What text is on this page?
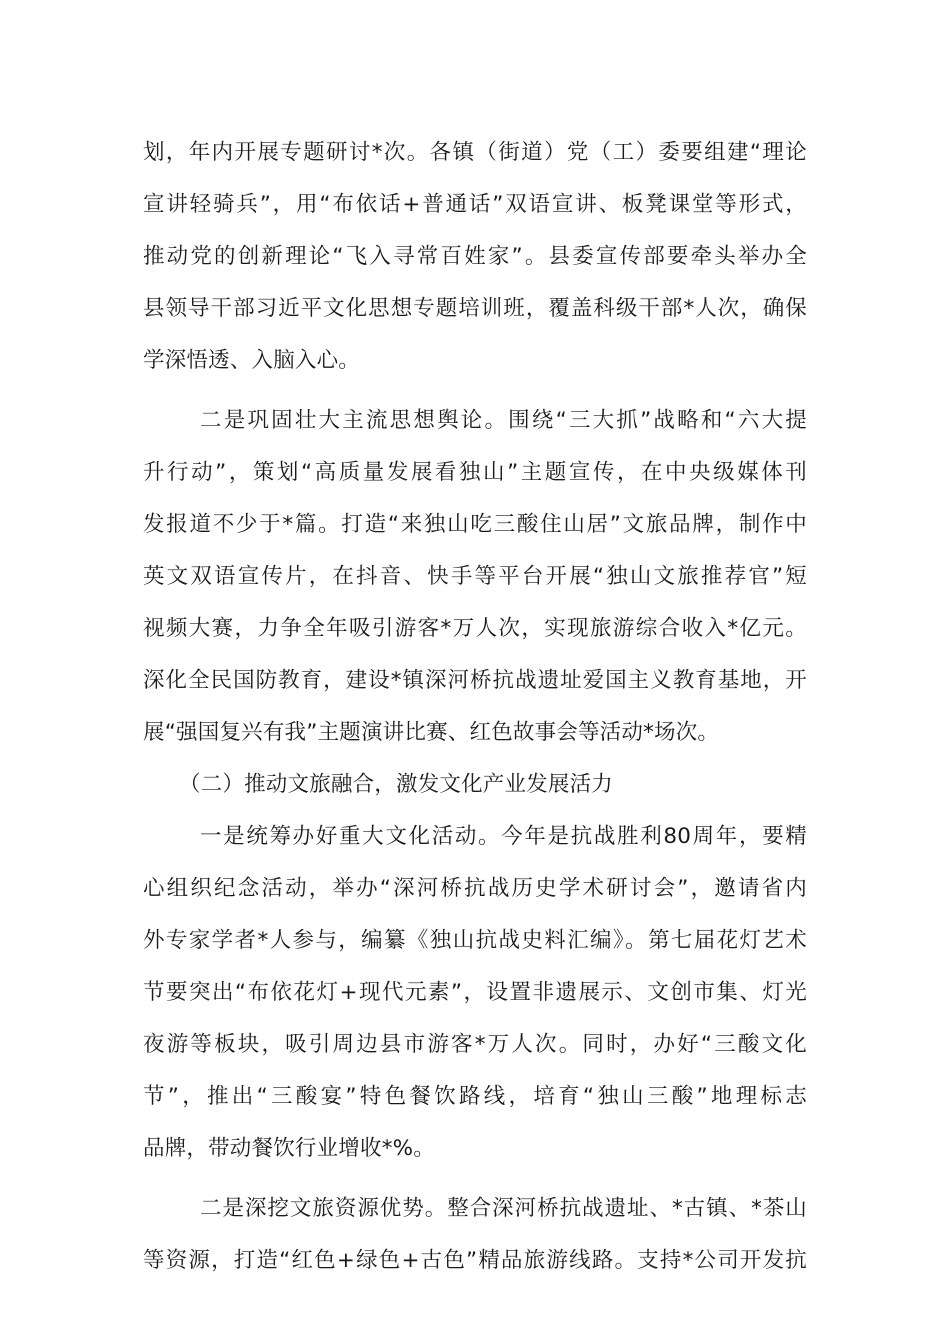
划，年内开展专题研讨*次。各镇（街道）党（工）委要组建“理论
宣讲轻骑兵”，用“布依话+普通话”双语宣讲、板凳课堂等形式，
推动党的创新理论“飞入寻常百姓家”。县委宣传部要牵头举办全
县领导干部习近平文化思想专题培训班，覆盖科级干部*人次，确保
学深悟透、入脑入心。
二是巩固壮大主流思想舆论。围绕“三大抓”战略和“六大提
升行动”，策划“高质量发展看独山”主题宣传，在中央级媒体刊
发报道不少于*篇。打造“来独山吃三酸住山居”文旅品牌，制作中
英文双语宣传片，在抖音、快手等平台开展“独山文旅推荐官”短
视频大赛，力争全年吸引游客*万人次，实现旅游综合收入*亿元。
深化全民国防教育，建设*镇深河桥抗战遗址爱国主义教育基地，开
展“强国复兴有我”主题演讲比赛、红色故事会等活动*场次。
（二）推动文旅融合，激发文化产业发展活力
一是统筹办好重大文化活动。今年是抗战胜利80周年，要精
心组织纪念活动，举办“深河桥抗战历史学术研讨会”，邀请省内
外专家学者*人参与，编纂《独山抗战史料汇编》。第七届花灯艺术
节要突出“布依花灯+现代元素”，设置非遗展示、文创市集、灯光
夜游等板块，吸引周边县市游客*万人次。同时，办好“三酸文化
节”，推出“三酸宴”特色餐饮路线，培育“独山三酸”地理标志
品牌，带动餐饮行业增收*%。
二是深挖文旅资源优势。整合深河桥抗战遗址、*古镇、*茶山
等资源，打造“红色+绿色+古色”精品旅游线路。支持*公司开发抗
